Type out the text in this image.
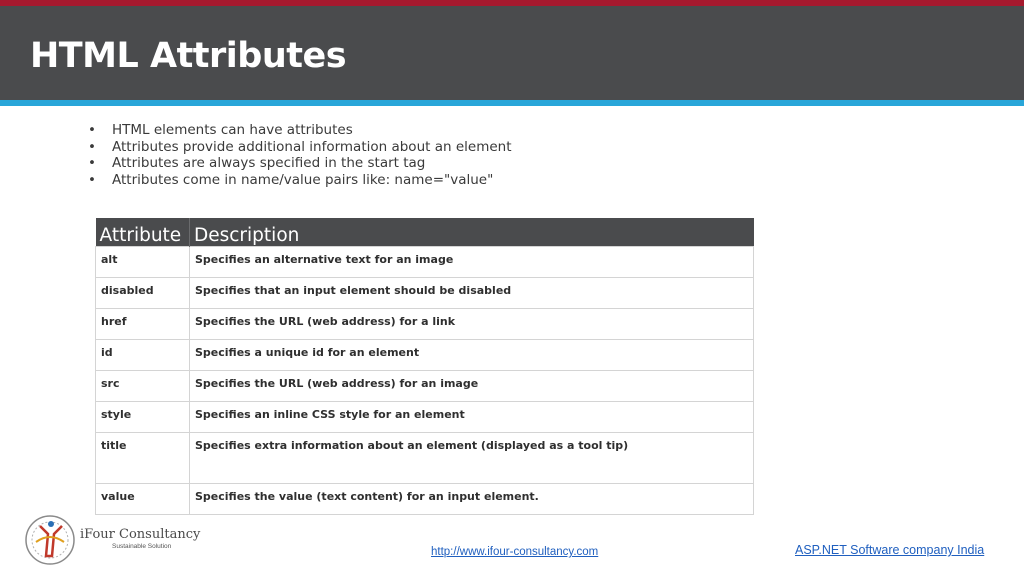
HTML Attributes
• HTML elements can have attributes
• Attributes provide additional information about an element
• Attributes are always specified in the start tag
• Attributes come in name/value pairs like: name="value"
Attribute	Description
alt	Specifies an alternative text for an image
disabled	Specifies that an input element should be disabled
href	Specifies the URL (web address) for a link
id	Specifies a unique id for an element
src	Specifies the URL (web address) for an image
style	Specifies an inline CSS style for an element
title	Specifies extra information about an element (displayed as a tool tip)
value	Specifies the value (text content) for an input element.
iFour Consultancy
Sustainable Solution	http://www.ifour-consultancy.com	ASP.NET Software company India
